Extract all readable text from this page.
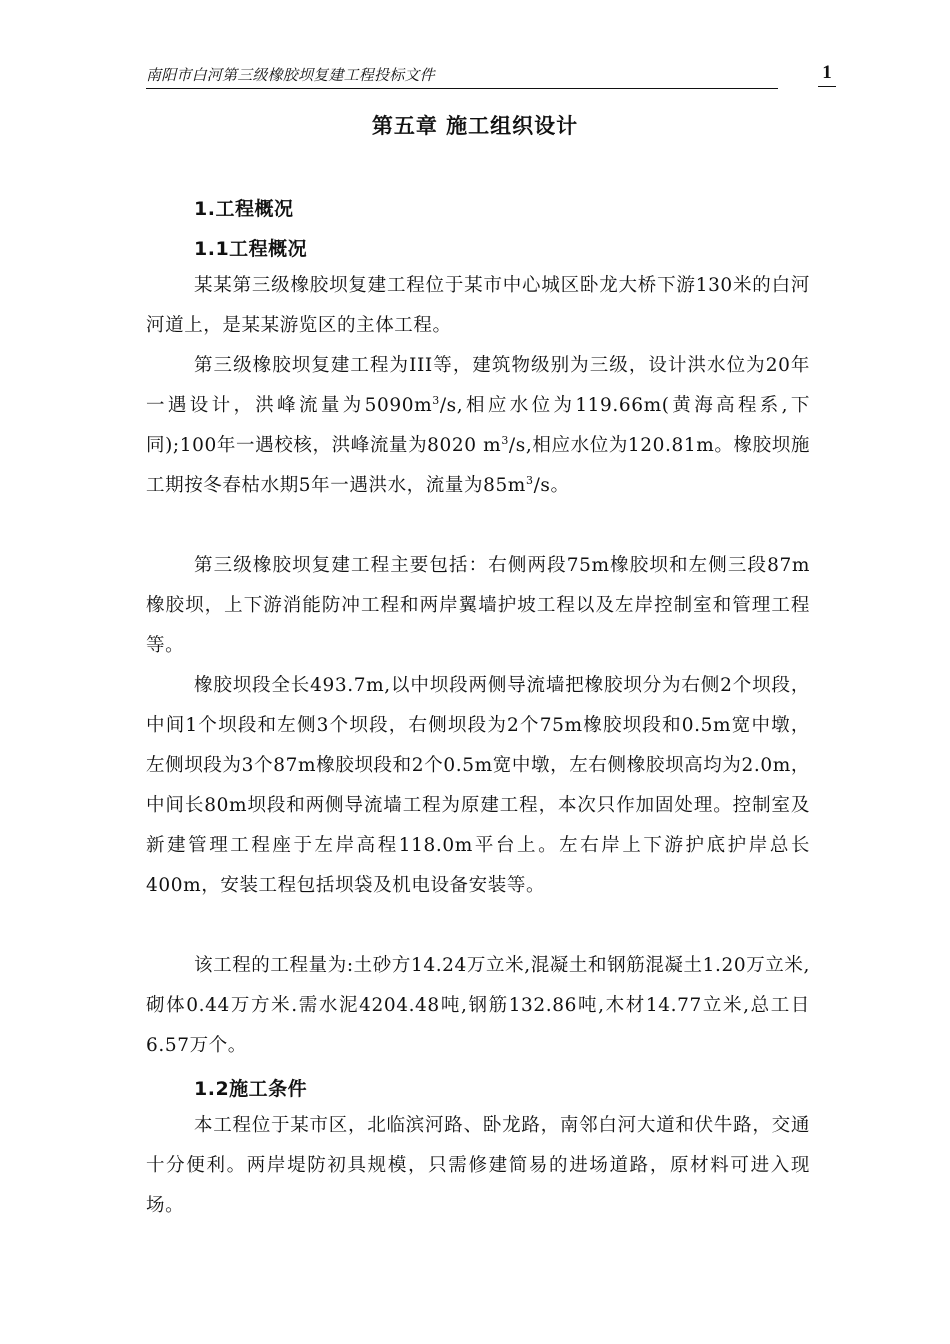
南阳市白河第三级橡胶坝复建工程投标文件	1
第五章 施工组织设计
1.工程概况
1.1工程概况
某某第三级橡胶坝复建工程位于某市中心城区卧龙大桥下游130米的白河河道上，是某某游览区的主体工程。
第三级橡胶坝复建工程为III等，建筑物级别为三级，设计洪水位为20年一遇设计，洪峰流量为$5090m^3/s$,相应水位为119.66m(黄海高程系,下同);100年一遇校核，洪峰流量为8020 $m^3/s$,相应水位为120.81m。橡胶坝施工期按冬春枯水期5年一遇洪水，流量为$85m^3/s$。
第三级橡胶坝复建工程主要包括：右侧两段75m橡胶坝和左侧三段87m橡胶坝，上下游消能防冲工程和两岸翼墙护坡工程以及左岸控制室和管理工程等。
橡胶坝段全长493.7m,以中坝段两侧导流墙把橡胶坝分为右侧2个坝段，中间1个坝段和左侧3个坝段，右侧坝段为2个75m橡胶坝段和0.5m宽中墩，左侧坝段为3个87m橡胶坝段和2个0.5m宽中墩，左右侧橡胶坝高均为2.0m，中间长80m坝段和两侧导流墙工程为原建工程，本次只作加固处理。控制室及新建管理工程座于左岸高程118.0m平台上。左右岸上下游护底护岸总长400m，安装工程包括坝袋及机电设备安装等。
该工程的工程量为:土砂方14.24万立米,混凝土和钢筋混凝土1.20万立米,砌体0.44万方米.需水泥4204.48吨,钢筋132.86吨,木材14.77立米,总工日6.57万个。
1.2施工条件
本工程位于某市区，北临滨河路、卧龙路，南邻白河大道和伏牛路，交通十分便利。两岸堤防初具规模，只需修建简易的进场道路，原材料可进入现场。
